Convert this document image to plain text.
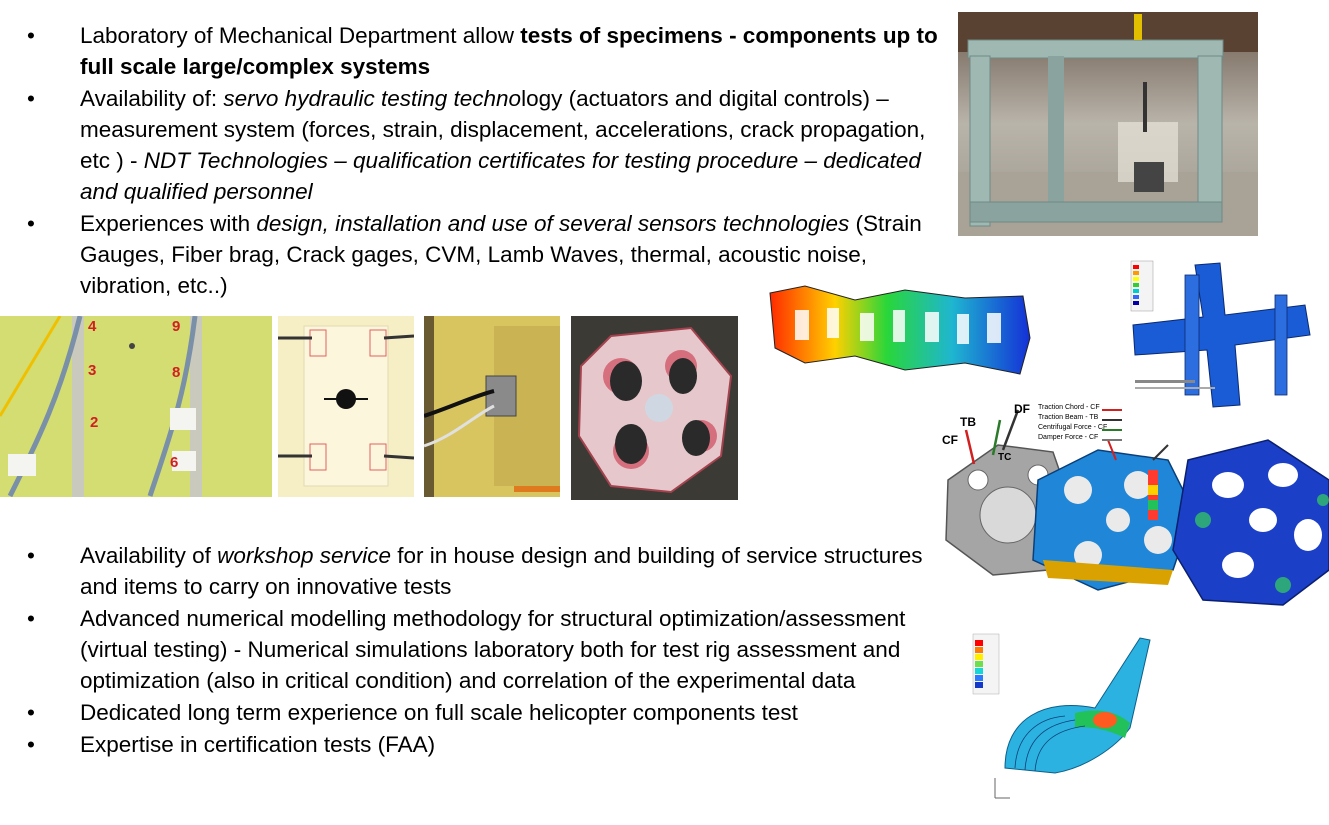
• Laboratory of Mechanical Department allow tests of specimens - components up to full scale large/complex systems
• Availability of: servo hydraulic testing technology (actuators and digital controls) – measurement system (forces, strain, displacement, accelerations, crack propagation, etc ) - NDT Technologies – qualification certificates for testing procedure – dedicated and qualified personnel
• Experiences with design, installation and use of several sensors technologies (Strain Gauges, Fiber brag, Crack gages, CVM, Lamb Waves, thermal, acoustic noise, vibration, etc..)
• Availability of workshop service for in house design and building of service structures and items to carry on innovative tests
• Advanced numerical modelling methodology for structural optimization/assessment (virtual testing) - Numerical simulations laboratory both for test rig assessment and optimization (also in critical condition) and correlation of the experimental data
• Dedicated long term experience on full scale helicopter components test
• Expertise in certification tests (FAA)
4
3
2
9
8
6
CF
TB
DF
TC
Traction Chord - CF
Traction Beam - TB
Centrifugal Force - CF
Damper Force - CF
